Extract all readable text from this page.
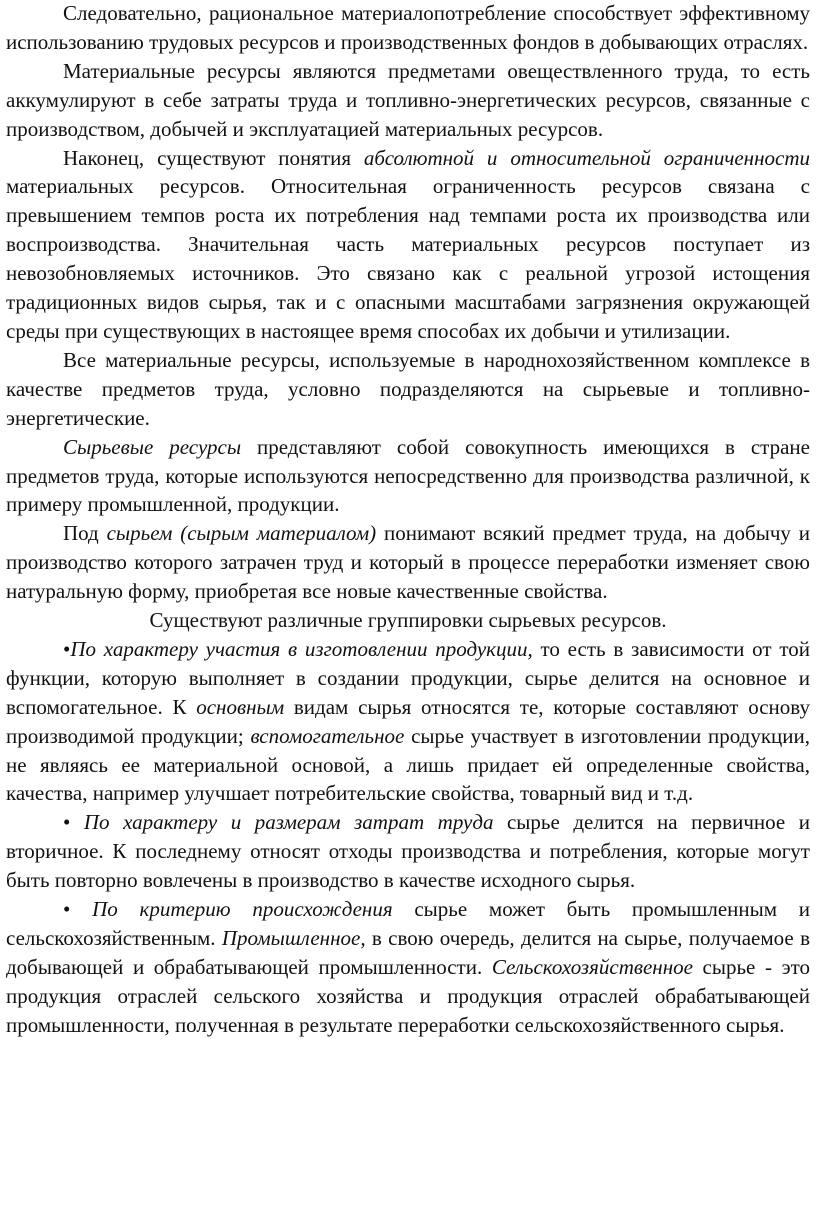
Следовательно, рациональное материалопотребление способствует эффективному использованию трудовых ресурсов и производственных фондов в добывающих отраслях.

Материальные ресурсы являются предметами овеществленного труда, то есть аккумулируют в себе затраты труда и топливно-энергетических ресурсов, связанные с производством, добычей и эксплуатацией материальных ресурсов.

Наконец, существуют понятия абсолютной и относительной ограниченности материальных ресурсов. Относительная ограниченность ресурсов связана с превышением темпов роста их потребления над темпами роста их производства или воспроизводства. Значительная часть материальных ресурсов поступает из невозобновляемых источников. Это связано как с реальной угрозой истощения традиционных видов сырья, так и с опасными масштабами загрязнения окружающей среды при существующих в настоящее время способах их добычи и утилизации.

Все материальные ресурсы, используемые в народнохозяйственном комплексе в качестве предметов труда, условно подразделяются на сырьевые и топливно-энергетические.

Сырьевые ресурсы представляют собой совокупность имеющихся в стране предметов труда, которые используются непосредственно для производства различной, к примеру промышленной, продукции.

Под сырьем (сырым материалом) понимают всякий предмет труда, на добычу и производство которого затрачен труд и который в процессе переработки изменяет свою натуральную форму, приобретая все новые качественные свойства.

Существуют различные группировки сырьевых ресурсов.

•По характеру участия в изготовлении продукции, то есть в зависимости от той функции, которую выполняет в создании продукции, сырье делится на основное и вспомогательное. К основным видам сырья относятся те, которые составляют основу производимой продукции; вспомогательное сырье участвует в изготовлении продукции, не являясь ее материальной основой, а лишь придает ей определенные свойства, качества, например улучшает потребительские свойства, товарный вид и т.д.

• По характеру и размерам затрат труда сырье делится на первичное и вторичное. К последнему относят отходы производства и потребления, которые могут быть повторно вовлечены в производство в качестве исходного сырья.

• По критерию происхождения сырье может быть промышленным и сельскохозяйственным. Промышленное, в свою очередь, делится на сырье, получаемое в добывающей и обрабатывающей промышленности. Сельскохозяйственное сырье - это продукция отраслей сельского хозяйства и продукция отраслей обрабатывающей промышленности, полученная в результате переработки сельскохозяйственного сырья.
